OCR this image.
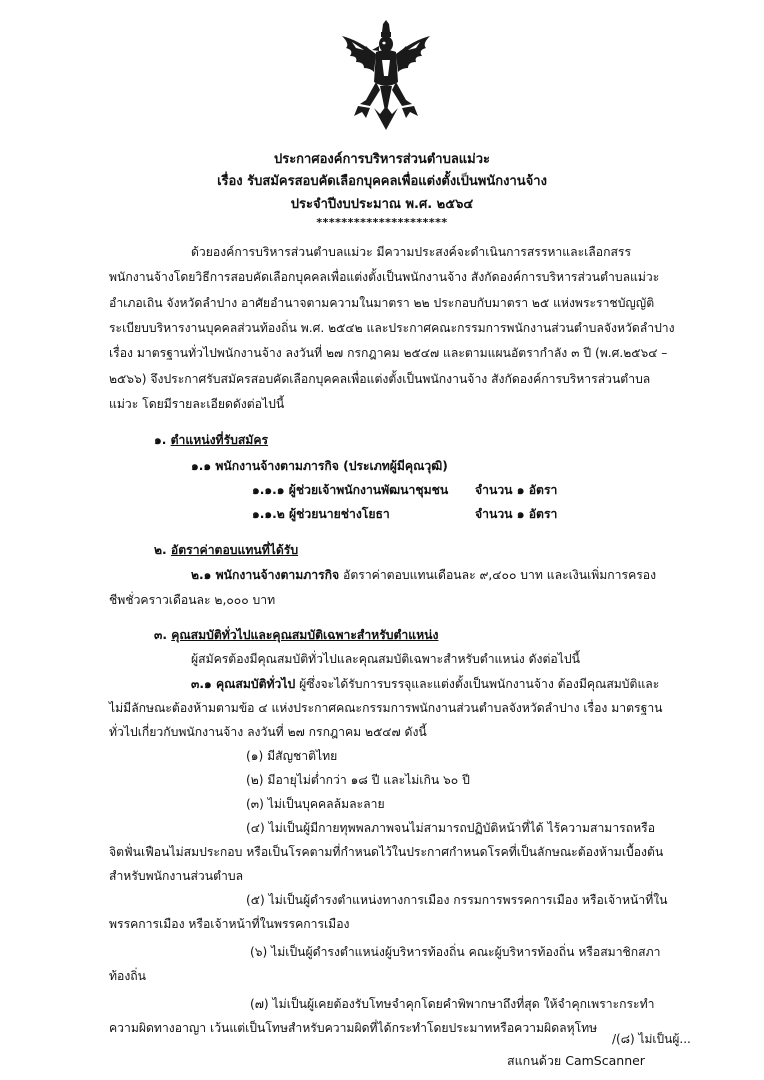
ประกาศองค์การบริหารส่วนตำบลแม่วะ
เรื่อง รับสมัครสอบคัดเลือกบุคคลเพื่อแต่งตั้งเป็นพนักงานจ้าง
ประจำปีงบประมาณ พ.ศ. ๒๕๖๔
*********************
ด้วยองค์การบริหารส่วนตำบลแม่วะ มีความประสงค์จะดำเนินการสรรหาและเลือกสรร
พนักงานจ้างโดยวิธีการสอบคัดเลือกบุคคลเพื่อแต่งตั้งเป็นพนักงานจ้าง สังกัดองค์การบริหารส่วนตำบลแม่วะ
อำเภอเถิน จังหวัดลำปาง อาศัยอำนาจตามความในมาตรา ๒๒ ประกอบกับมาตรา ๒๕ แห่งพระราชบัญญัติ
ระเบียบบริหารงานบุคคลส่วนท้องถิ่น พ.ศ. ๒๕๔๒ และประกาศคณะกรรมการพนักงานส่วนตำบลจังหวัดลำปาง
เรื่อง มาตรฐานทั่วไปพนักงานจ้าง ลงวันที่ ๒๗ กรกฎาคม ๒๕๔๗ และตามแผนอัตรากำลัง ๓ ปี (พ.ศ.๒๕๖๔ –
๒๕๖๖) จึงประกาศรับสมัครสอบคัดเลือกบุคคลเพื่อแต่งตั้งเป็นพนักงานจ้าง สังกัดองค์การบริหารส่วนตำบล
แม่วะ โดยมีรายละเอียดดังต่อไปนี้
๑. ตำแหน่งที่รับสมัคร
๑.๑ พนักงานจ้างตามภารกิจ (ประเภทผู้มีคุณวุฒิ)
๑.๑.๑ ผู้ช่วยเจ้าพนักงานพัฒนาชุมชน จำนวน ๑ อัตรา
๑.๑.๒ ผู้ช่วยนายช่างโยธา	จำนวน ๑ อัตรา
๒. อัตราค่าตอบแทนที่ได้รับ
๒.๑ พนักงานจ้างตามภารกิจ อัตราค่าตอบแทนเดือนละ ๙,๔๐๐ บาท และเงินเพิ่มการครอง
ชีพชั่วคราวเดือนละ ๒,๐๐๐ บาท
๓. คุณสมบัติทั่วไปและคุณสมบัติเฉพาะสำหรับตำแหน่ง
ผู้สมัครต้องมีคุณสมบัติทั่วไปและคุณสมบัติเฉพาะสำหรับตำแหน่ง ดังต่อไปนี้
๓.๑ คุณสมบัติทั่วไป ผู้ซึ่งจะได้รับการบรรจุและแต่งตั้งเป็นพนักงานจ้าง ต้องมีคุณสมบัติและ
ไม่มีลักษณะต้องห้ามตามข้อ ๔ แห่งประกาศคณะกรรมการพนักงานส่วนตำบลจังหวัดลำปาง เรื่อง มาตรฐาน
ทั่วไปเกี่ยวกับพนักงานจ้าง ลงวันที่ ๒๗ กรกฎาคม ๒๕๔๗ ดังนี้
(๑) มีสัญชาติไทย
(๒) มีอายุไม่ต่ำกว่า ๑๘ ปี และไม่เกิน ๖๐ ปี
(๓) ไม่เป็นบุคคลล้มละลาย
(๔) ไม่เป็นผู้มีกายทุพพลภาพจนไม่สามารถปฏิบัติหน้าที่ได้ ไร้ความสามารถหรือ
จิตฟั่นเฟือนไม่สมประกอบ หรือเป็นโรคตามที่กำหนดไว้ในประกาศกำหนดโรคที่เป็นลักษณะต้องห้ามเบื้องต้น
สำหรับพนักงานส่วนตำบล
(๕) ไม่เป็นผู้ดำรงตำแหน่งทางการเมือง กรรมการพรรคการเมือง หรือเจ้าหน้าที่ใน
พรรคการเมือง หรือเจ้าหน้าที่ในพรรคการเมือง
(๖) ไม่เป็นผู้ดำรงตำแหน่งผู้บริหารท้องถิ่น คณะผู้บริหารท้องถิ่น หรือสมาชิกสภา
ท้องถิ่น
(๗) ไม่เป็นผู้เคยต้องรับโทษจำคุกโดยคำพิพากษาถึงที่สุด ให้จำคุกเพราะกระทำ
ความผิดทางอาญา เว้นแต่เป็นโทษสำหรับความผิดที่ได้กระทำโดยประมาทหรือความผิดลหุโทษ
/(๘) ไม่เป็นผู้...
สแกนด้วย CamScanner
